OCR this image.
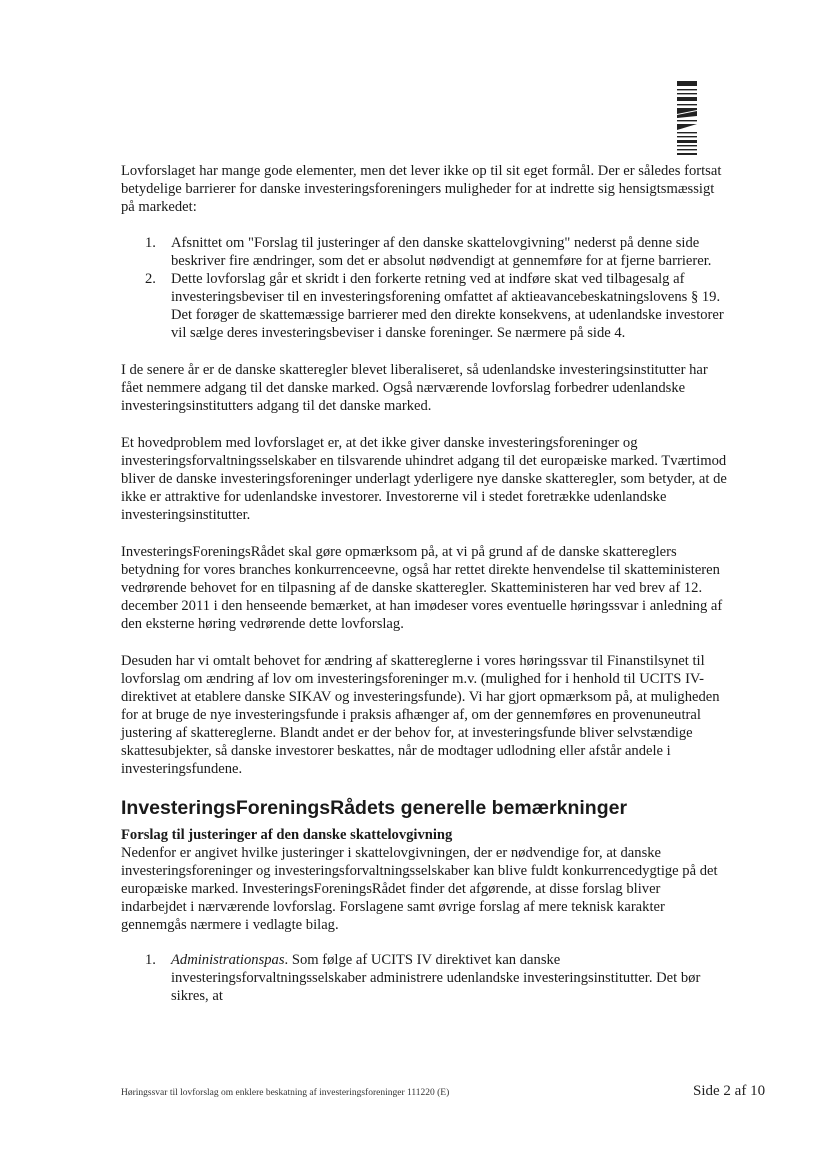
Lovforslaget har mange gode elementer, men det lever ikke op til sit eget formål. Der er således fortsat betydelige barrierer for danske investeringsforeningers muligheder for at indrette sig hensigtsmæssigt på markedet:

1. Afsnittet om "Forslag til justeringer af den danske skattelovgivning" nederst på denne side beskriver fire ændringer, som det er absolut nødvendigt at gennemføre for at fjerne barrierer.
2. Dette lovforslag går et skridt i den forkerte retning ved at indføre skat ved tilbagesalg af investeringsbeviser til en investeringsforening omfattet af aktieavancebeskatningslovens § 19. Det forøger de skattemæssige barrierer med den direkte konsekvens, at udenlandske investorer vil sælge deres investeringsbeviser i danske foreninger. Se nærmere på side 4.

I de senere år er de danske skatteregler blevet liberaliseret, så udenlandske investeringsinstitutter har fået nemmere adgang til det danske marked. Også nærværende lovforslag forbedrer udenlandske investeringsinstitutters adgang til det danske marked.

Et hovedproblem med lovforslaget er, at det ikke giver danske investeringsforeninger og investeringsforvaltningsselskaber en tilsvarende uhindret adgang til det europæiske marked. Tværtimod bliver de danske investeringsforeninger underlagt yderligere nye danske skatteregler, som betyder, at de ikke er attraktive for udenlandske investorer. Investorerne vil i stedet foretrække udenlandske investeringsinstitutter.

InvesteringsForeningsRådet skal gøre opmærksom på, at vi på grund af de danske skattereglers betydning for vores branches konkurrenceevne, også har rettet direkte henvendelse til skatteministeren vedrørende behovet for en tilpasning af de danske skatteregler. Skatteministeren har ved brev af 12. december 2011 i den henseende bemærket, at han imødeser vores eventuelle høringssvar i anledning af den eksterne høring vedrørende dette lovforslag.

Desuden har vi omtalt behovet for ændring af skattereglerne i vores høringssvar til Finanstilsynet til lovforslag om ændring af lov om investeringsforeninger m.v. (mulighed for i henhold til UCITS IV-direktivet at etablere danske SIKAV og investeringsfunde). Vi har gjort opmærksom på, at muligheden for at bruge de nye investeringsfunde i praksis afhænger af, om der gennemføres en provenuneutral justering af skattereglerne. Blandt andet er der behov for, at investeringsfunde bliver selvstændige skattesubjekter, så danske investorer beskattes, når de modtager udlodning eller afstår andele i investeringsfundene.

InvesteringsForeningsRådets generelle bemærkninger

Forslag til justeringer af den danske skattelovgivning

Nedenfor er angivet hvilke justeringer i skattelovgivningen, der er nødvendige for, at danske investeringsforeninger og investeringsforvaltningsselskaber kan blive fuldt konkurrencedygtige på det europæiske marked. InvesteringsForeningsRådet finder det afgørende, at disse forslag bliver indarbejdet i nærværende lovforslag. Forslagene samt øvrige forslag af mere teknisk karakter gennemgås nærmere i vedlagte bilag.

1. Administrationspas. Som følge af UCITS IV direktivet kan danske investeringsforvaltningsselskaber administrere udenlandske investeringsinstitutter. Det bør sikres, at
Høringssvar til lovforslag om enklere beskatning af investeringsforeninger 111220 (E)	Side 2 af 10
